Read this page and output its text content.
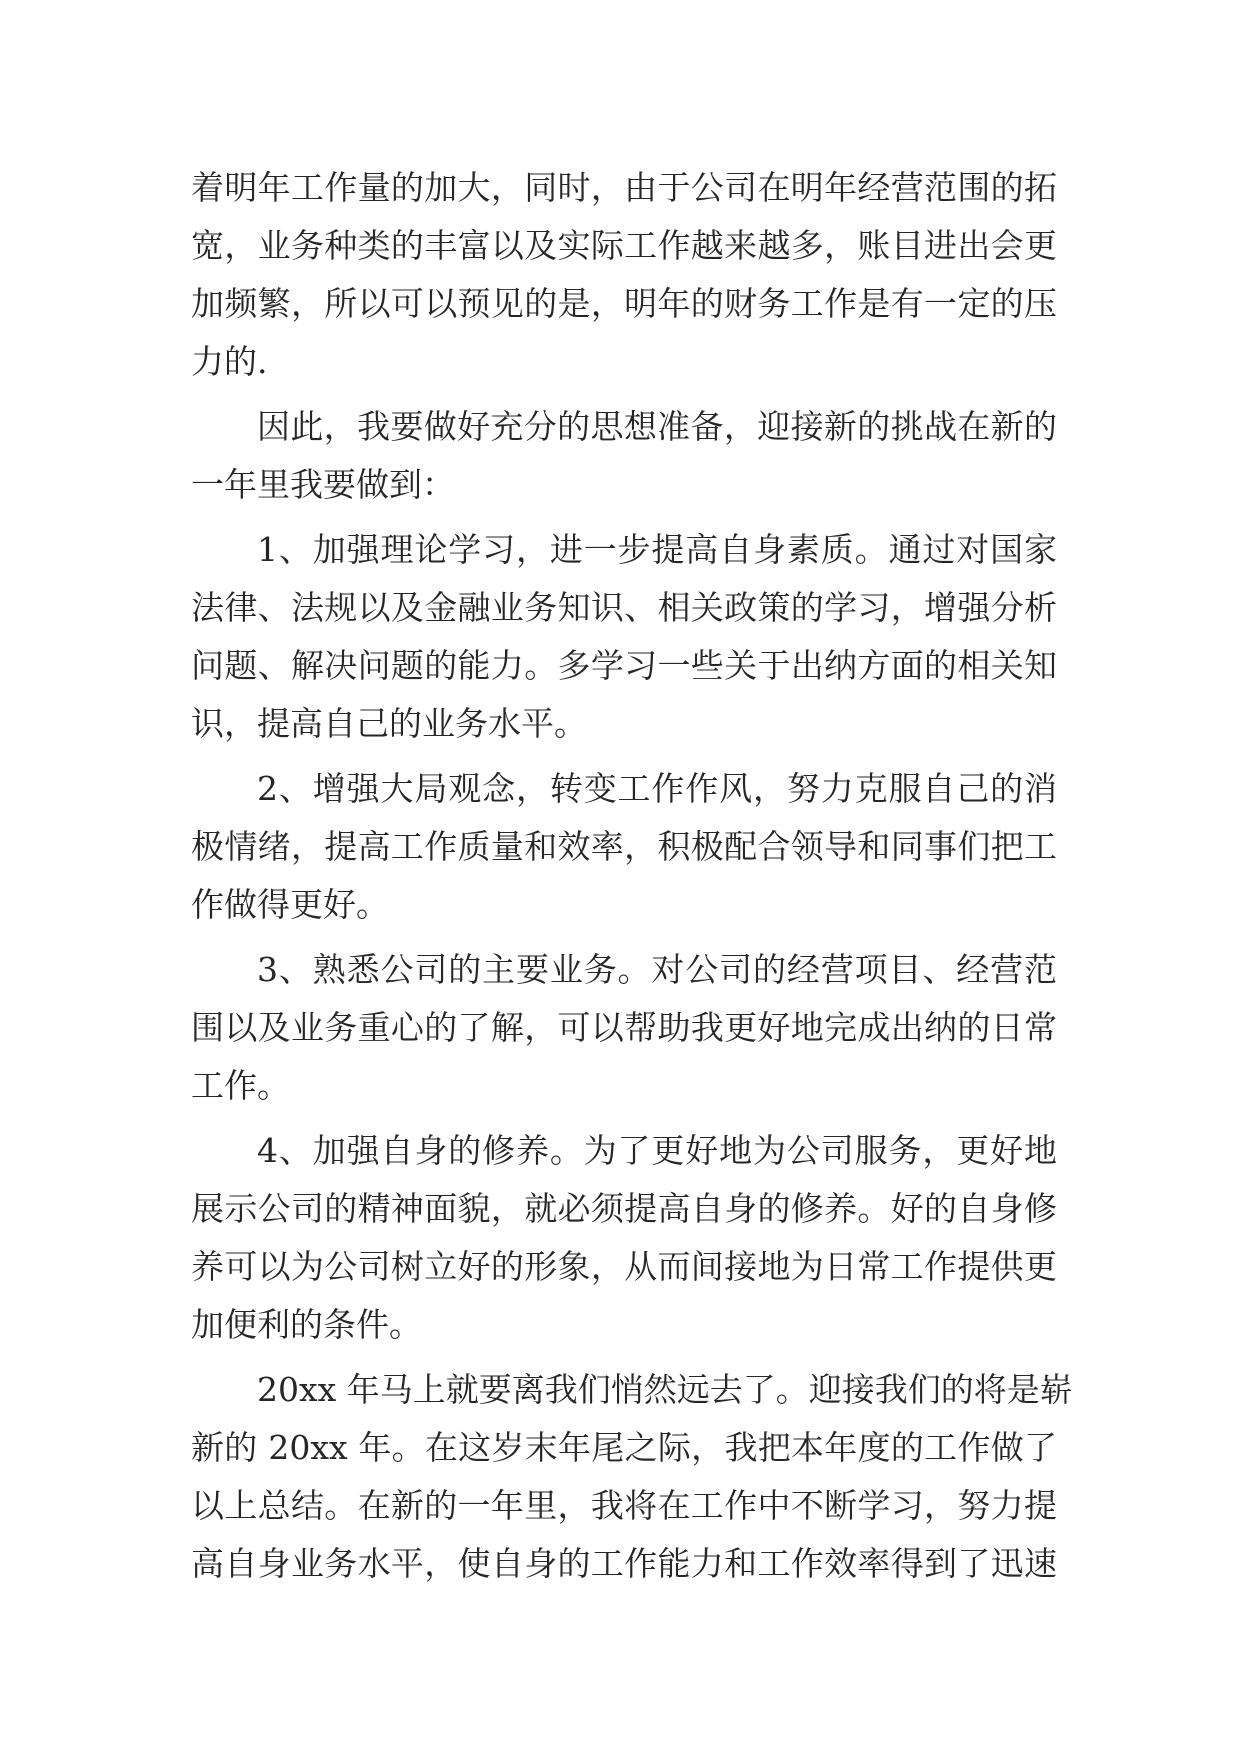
着明年工作量的加大，同时，由于公司在明年经营范围的拓
宽，业务种类的丰富以及实际工作越来越多，账目进出会更
加频繁，所以可以预见的是，明年的财务工作是有一定的压
力的.
因此，我要做好充分的思想准备，迎接新的挑战在新的
一年里我要做到：
1、加强理论学习，进一步提高自身素质。通过对国家
法律、法规以及金融业务知识、相关政策的学习，增强分析
问题、解决问题的能力。多学习一些关于出纳方面的相关知
识，提高自己的业务水平。
2、增强大局观念，转变工作作风，努力克服自己的消
极情绪，提高工作质量和效率，积极配合领导和同事们把工
作做得更好。
3、熟悉公司的主要业务。对公司的经营项目、经营范
围以及业务重心的了解，可以帮助我更好地完成出纳的日常
工作。
4、加强自身的修养。为了更好地为公司服务，更好地
展示公司的精神面貌，就必须提高自身的修养。好的自身修
养可以为公司树立好的形象，从而间接地为日常工作提供更
加便利的条件。
20xx 年马上就要离我们悄然远去了。迎接我们的将是崭
新的 20xx 年。在这岁末年尾之际，我把本年度的工作做了
以上总结。在新的一年里，我将在工作中不断学习，努力提
高自身业务水平，使自身的工作能力和工作效率得到了迅速
